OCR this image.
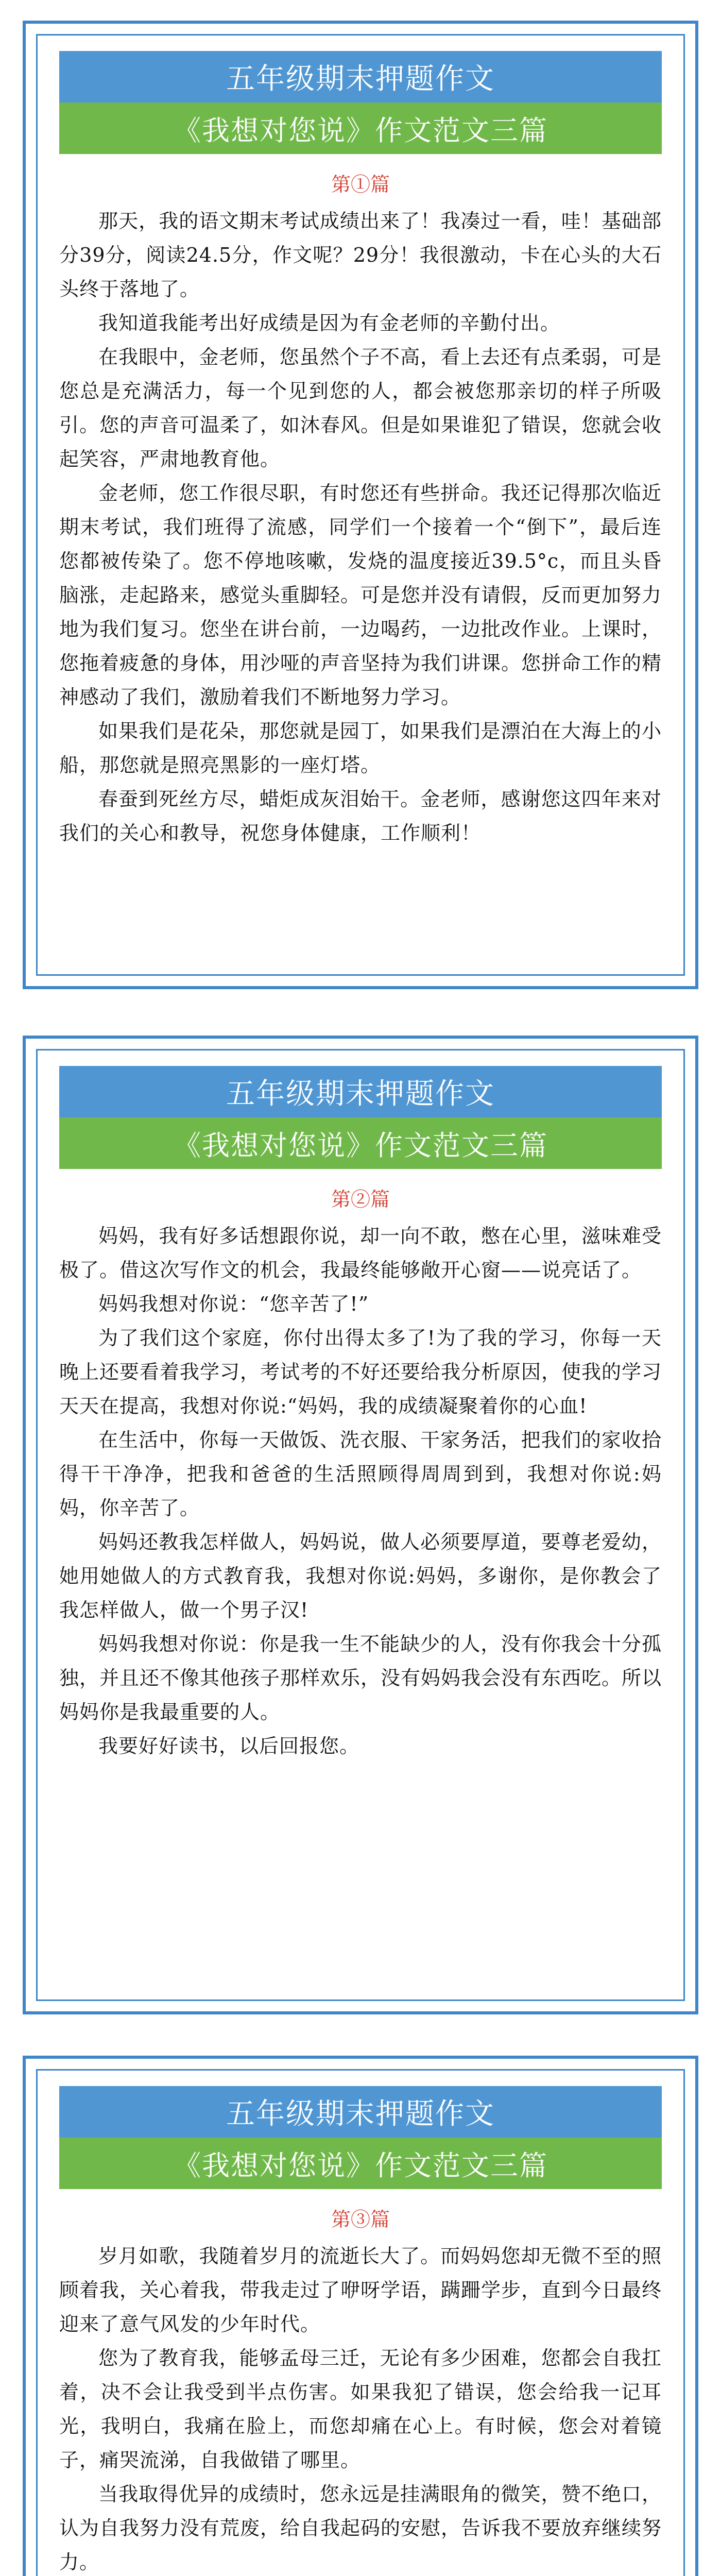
五年级期末押题作文
《我想对您说》作文范文三篇
第①篇

那天，我的语文期末考试成绩出来了！我凑过一看，哇！基础部分39分，阅读24.5分，作文呢？29分！我很激动，卡在心头的大石头终于落地了。

我知道我能考出好成绩是因为有金老师的辛勤付出。

在我眼中，金老师，您虽然个子不高，看上去还有点柔弱，可是您总是充满活力，每一个见到您的人，都会被您那亲切的样子所吸引。您的声音可温柔了，如沐春风。但是如果谁犯了错误，您就会收起笑容，严肃地教育他。

金老师，您工作很尽职，有时您还有些拼命。我还记得那次临近期末考试，我们班得了流感，同学们一个接着一个“倒下”，最后连您都被传染了。您不停地咳嗽，发烧的温度接近39.5°c，而且头昏脑涨，走起路来，感觉头重脚轻。可是您并没有请假，反而更加努力地为我们复习。您坐在讲台前，一边喝药，一边批改作业。上课时，您拖着疲惫的身体，用沙哑的声音坚持为我们讲课。您拼命工作的精神感动了我们，激励着我们不断地努力学习。

如果我们是花朵，那您就是园丁，如果我们是漂泊在大海上的小船，那您就是照亮黑影的一座灯塔。

春蚕到死丝方尽，蜡炬成灰泪始干。金老师，感谢您这四年来对我们的关心和教导，祝您身体健康，工作顺利！

五年级期末押题作文
《我想对您说》作文范文三篇
第②篇

妈妈，我有好多话想跟你说，却一向不敢，憋在心里，滋味难受极了。借这次写作文的机会，我最终能够敞开心窗——说亮话了。

妈妈我想对你说：“您辛苦了!”

为了我们这个家庭，你付出得太多了!为了我的学习，你每一天晚上还要看着我学习，考试考的不好还要给我分析原因，使我的学习天天在提高，我想对你说:“妈妈，我的成绩凝聚着你的心血!

在生活中，你每一天做饭、洗衣服、干家务活，把我们的家收拾得干干净净，把我和爸爸的生活照顾得周周到到，我想对你说:妈妈，你辛苦了。

妈妈还教我怎样做人，妈妈说，做人必须要厚道，要尊老爱幼，她用她做人的方式教育我，我想对你说:妈妈，多谢你，是你教会了我怎样做人，做一个男子汉!

妈妈我想对你说：你是我一生不能缺少的人，没有你我会十分孤独，并且还不像其他孩子那样欢乐，没有妈妈我会没有东西吃。所以妈妈你是我最重要的人。

我要好好读书，以后回报您。

五年级期末押题作文
《我想对您说》作文范文三篇
第③篇

岁月如歌，我随着岁月的流逝长大了。而妈妈您却无微不至的照顾着我，关心着我，带我走过了咿呀学语，蹒跚学步，直到今日最终迎来了意气风发的少年时代。

您为了教育我，能够孟母三迁，无论有多少困难，您都会自我扛着，决不会让我受到半点伤害。如果我犯了错误，您会给我一记耳光，我明白，我痛在脸上，而您却痛在心上。有时候，您会对着镜子，痛哭流涕，自我做错了哪里。

当我取得优异的成绩时，您永远是挂满眼角的微笑，赞不绝口，认为自我努力没有荒废，给自我起码的安慰，告诉我不要放弃继续努力。
